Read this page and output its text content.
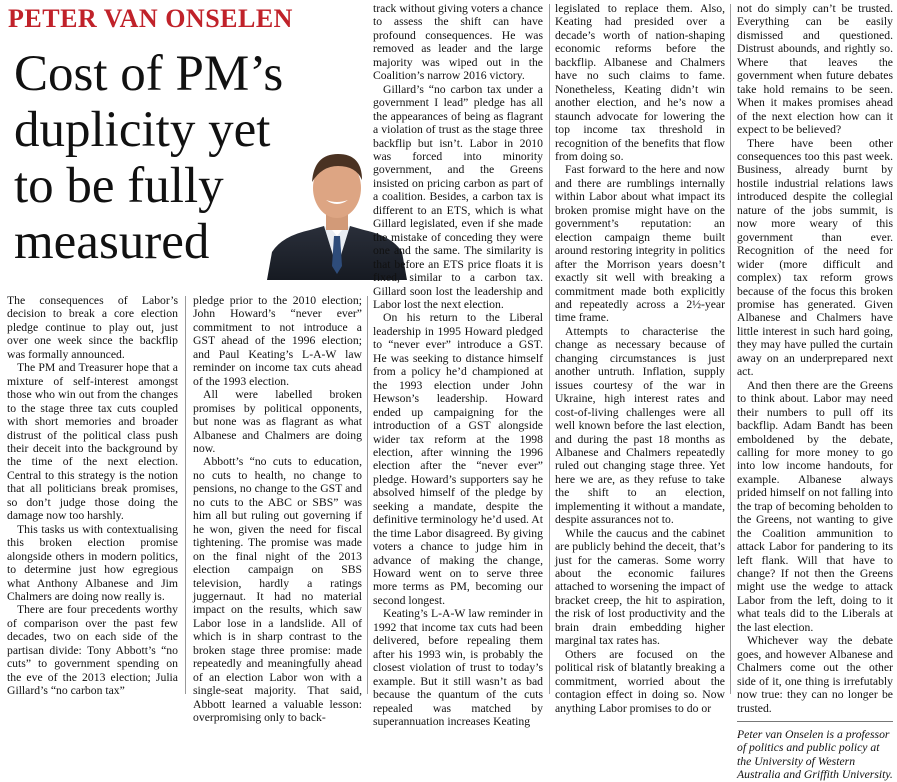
PETER VAN ONSELEN
Cost of PM’s duplicity yet to be fully measured

The consequences of Labor’s decision to break a core election pledge continue to play out, just over one week since the backflip was formally announced.

The PM and Treasurer hope that a mixture of self-interest amongst those who win out from the changes to the stage three tax cuts coupled with short memories and broader distrust of the political class push their deceit into the background by the time of the next election. Central to this strategy is the notion that all politicians break promises, so don’t judge those doing the damage now too harshly.

This tasks us with contextualising this broken election promise alongside others in modern politics, to determine just how egregious what Anthony Albanese and Jim Chalmers are doing now really is.

There are four precedents worthy of comparison over the past few decades, two on each side of the partisan divide: Tony Abbott’s “no cuts” to government spending on the eve of the 2013 election; Julia Gillard’s “no carbon tax”

pledge prior to the 2010 election; John Howard’s “never ever” commitment to not introduce a GST ahead of the 1996 election; and Paul Keating’s L-A-W law reminder on income tax cuts ahead of the 1993 election.

All were labelled broken promises by political opponents, but none was as flagrant as what Albanese and Chalmers are doing now.

Abbott’s “no cuts to education, no cuts to health, no change to pensions, no change to the GST and no cuts to the ABC or SBS” was him all but ruling out governing if he won, given the need for fiscal tightening. The promise was made on the final night of the 2013 election campaign on SBS television, hardly a ratings juggernaut. It had no material impact on the results, which saw Labor lose in a landslide. All of which is in sharp contrast to the broken stage three promise: made repeatedly and meaningfully ahead of an election Labor won with a single-seat majority. That said, Abbott learned a valuable lesson: overpromising only to back-

track without giving voters a chance to assess the shift can have profound consequences. He was removed as leader and the large majority was wiped out in the Coalition’s narrow 2016 victory.

Gillard’s “no carbon tax under a government I lead” pledge has all the appearances of being as flagrant a violation of trust as the stage three backflip but isn’t. Labor in 2010 was forced into minority government, and the Greens insisted on pricing carbon as part of a coalition. Besides, a carbon tax is different to an ETS, which is what Gillard legislated, even if she made the mistake of conceding they were one and the same. The similarity is that before an ETS price floats it is fixed, similar to a carbon tax. Gillard soon lost the leadership and Labor lost the next election.

On his return to the Liberal leadership in 1995 Howard pledged to “never ever” introduce a GST. He was seeking to distance himself from a policy he’d championed at the 1993 election under John Hewson’s leadership. Howard ended up campaigning for the introduction of a GST alongside wider tax reform at the 1998 election, after winning the 1996 election after the “never ever” pledge. Howard’s supporters say he absolved himself of the pledge by seeking a mandate, despite the definitive terminology he’d used. At the time Labor disagreed. By giving voters a chance to judge him in advance of making the change, Howard went on to serve three more terms as PM, becoming our second longest.

Keating’s L-A-W law reminder in 1992 that income tax cuts had been delivered, before repealing them after his 1993 win, is probably the closest violation of trust to today’s example. But it still wasn’t as bad because the quantum of the cuts repealed was matched by superannuation increases Keating

legislated to replace them. Also, Keating had presided over a decade’s worth of nation-shaping economic reforms before the backflip. Albanese and Chalmers have no such claims to fame. Nonetheless, Keating didn’t win another election, and he’s now a staunch advocate for lowering the top income tax threshold in recognition of the benefits that flow from doing so.

Fast forward to the here and now and there are rumblings internally within Labor about what impact its broken promise might have on the government’s reputation: an election campaign theme built around restoring integrity in politics after the Morrison years doesn’t exactly sit well with breaking a commitment made both explicitly and repeatedly across a 2½-year time frame.

Attempts to characterise the change as necessary because of changing circumstances is just another untruth. Inflation, supply issues courtesy of the war in Ukraine, high interest rates and cost-of-living challenges were all well known before the last election, and during the past 18 months as Albanese and Chalmers repeatedly ruled out changing stage three. Yet here we are, as they refuse to take the shift to an election, implementing it without a mandate, despite assurances not to.

While the caucus and the cabinet are publicly behind the deceit, that’s just for the cameras. Some worry about the economic failures attached to worsening the impact of bracket creep, the hit to aspiration, the risk of lost productivity and the brain drain embedding higher marginal tax rates has.

Others are focused on the political risk of blatantly breaking a commitment, worried about the contagion effect in doing so. Now anything Labor promises to do or

not do simply can’t be trusted. Everything can be easily dismissed and questioned. Distrust abounds, and rightly so. Where that leaves the government when future debates take hold remains to be seen. When it makes promises ahead of the next election how can it expect to be believed?

There have been other consequences too this past week. Business, already burnt by hostile industrial relations laws introduced despite the collegial nature of the jobs summit, is now more weary of this government than ever. Recognition of the need for wider (more difficult and complex) tax reform grows because of the focus this broken promise has generated. Given Albanese and Chalmers have little interest in such hard going, they may have pulled the curtain away on an underprepared next act.

And then there are the Greens to think about. Labor may need their numbers to pull off its backflip. Adam Bandt has been emboldened by the debate, calling for more money to go into low income handouts, for example. Albanese always prided himself on not falling into the trap of becoming beholden to the Greens, not wanting to give the Coalition ammunition to attack Labor for pandering to its left flank. Will that have to change? If not then the Greens might use the wedge to attack Labor from the left, doing to it what teals did to the Liberals at the last election.

Whichever way the debate goes, and however Albanese and Chalmers come out the other side of it, one thing is irrefutably now true: they can no longer be trusted.

Peter van Onselen is a professor of politics and public policy at the University of Western Australia and Griffith University.
